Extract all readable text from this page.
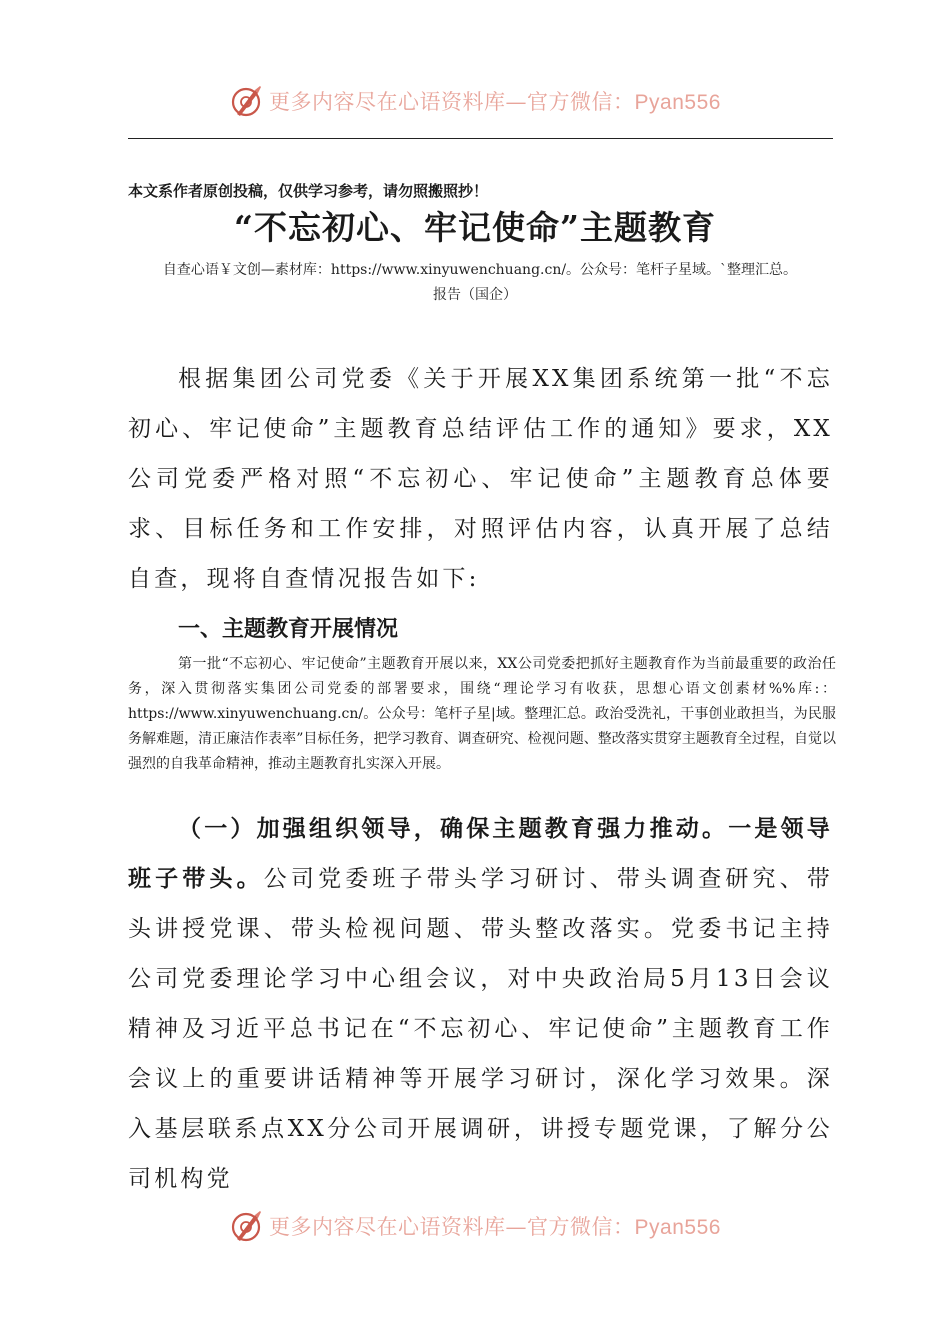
更多内容尽在心语资料库—官方微信：Pyan556
本文系作者原创投稿，仅供学习参考，请勿照搬照抄！
“不忘初心、牢记使命”主题教育
自查心语￥文创—素材库：https://www.xinyuwenchuang.cn/。公众号：笔杆子星域。`整理汇总。
报告（国企）

根据集团公司党委《关于开展XX集团系统第一批“不忘初心、牢记使命”主题教育总结评估工作的通知》要求，XX公司党委严格对照“不忘初心、牢记使命”主题教育总体要求、目标任务和工作安排，对照评估内容，认真开展了总结自查，现将自查情况报告如下:

一、主题教育开展情况

第一批“不忘初心、牢记使命”主题教育开展以来，XX公司党委把抓好主题教育作为当前最重要的政治任务，深入贯彻落实集团公司党委的部署要求，围绕“理论学习有收获，思想心语文创素材%%库:：https://www.xinyuwenchuang.cn/。公众号：笔杆子星|域。整理汇总。政治受洗礼，干事创业敢担当，为民服务解难题，清正廉洁作表率”目标任务，把学习教育、调查研究、检视问题、整改落实贯穿主题教育全过程，自觉以强烈的自我革命精神，推动主题教育扎实深入开展。

（一）加强组织领导，确保主题教育强力推动。一是领导班子带头。公司党委班子带头学习研讨、带头调查研究、带头讲授党课、带头检视问题、带头整改落实。党委书记主持公司党委理论学习中心组会议，对中央政治局5月13日会议精神及习近平总书记在“不忘初心、牢记使命”主题教育工作会议上的重要讲话精神等开展学习研讨，深化学习效果。深入基层联系点XX分公司开展调研，讲授专题党课，了解分公司机构党

更多内容尽在心语资料库—官方微信：Pyan556
